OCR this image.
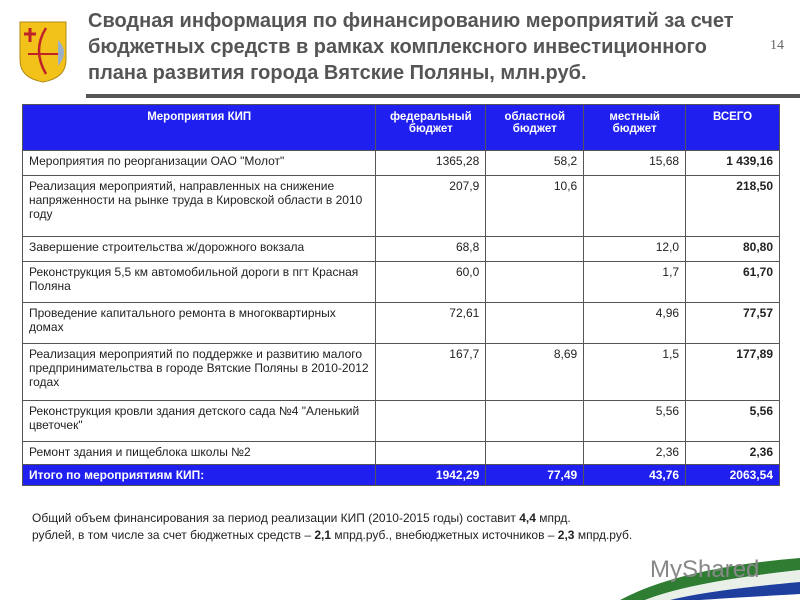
Сводная информация по финансированию мероприятий за счет бюджетных средств в рамках комплексного инвестиционного плана развития города Вятские Поляны, млн.руб.
14
Мероприятия КИП	федеральный бюджет	областной бюджет	местный бюджет	ВСЕГО
Мероприятия по реорганизации ОАО "Молот"	1365,28	58,2	15,68	1 439,16
Реализация мероприятий, направленных на снижение напряженности на рынке труда в Кировской области в 2010 году	207,9	10,6		218,50
Завершение строительства ж/дорожного вокзала	68,8		12,0	80,80
Реконструкция 5,5 км автомобильной дороги в пгт Красная Поляна	60,0		1,7	61,70
Проведение капитального ремонта в многоквартирных домах	72,61		4,96	77,57
Реализация мероприятий по поддержке и развитию малого предпринимательства в городе Вятские Поляны в 2010-2012 годах	167,7	8,69	1,5	177,89
Реконструкция кровли здания детского сада №4 "Аленький цветочек"			5,56	5,56
Ремонт здания и пищеблока школы №2			2,36	2,36
Итого по мероприятиям КИП:	1942,29	77,49	43,76	2063,54
Общий объем финансирования за период реализации КИП (2010-2015 годы) составит 4,4 мпрд.
рублей, в том числе за счет бюджетных средств – 2,1 мпрд.руб., внебюджетных источников – 2,3 мпрд.руб.
MyShared
